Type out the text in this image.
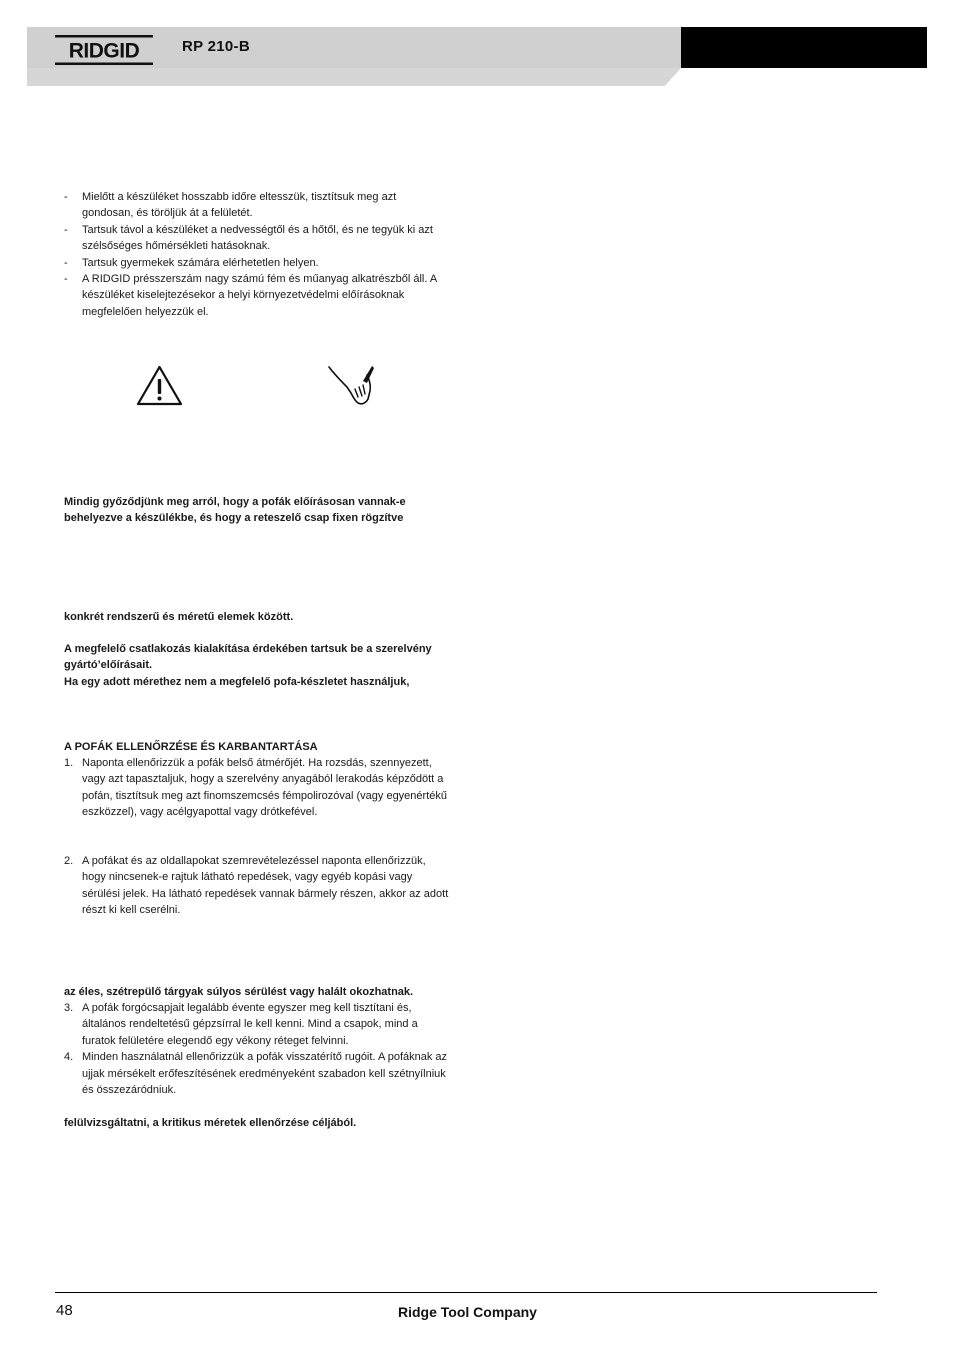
RIDGID	RP 210-B
- Mielőtt a készüléket hosszabb időre eltesszük, tisztítsuk meg azt gondosan, és töröljük át a felületét.
- Tartsuk távol a készüléket a nedvességtől és a hőtől, és ne tegyük ki azt szélsőséges hőmérsékleti hatásoknak.
- Tartsuk gyermekek számára elérhetetlen helyen.
- A RIDGID présszerszám nagy számú fém és műanyag alkatrészből áll. A készüléket kiselejtezésekor a helyi környezetvédelmi előírásoknak megfelelően helyezzük el.
Mindig győződjünk meg arról, hogy a pofák előírásosan vannak-e behelyezve a készülékbe, és hogy a reteszelő csap fixen rögzítve
konkrét rendszerű és méretű elemek között.
A megfelelő csatlakozás kialakítása érdekében tartsuk be a szerelvény gyártó’előírásait.
Ha egy adott mérethez nem a megfelelő pofa-készletet használjuk,
A POFÁK ELLENŐRZÉSE ÉS KARBANTARTÁSA
1. Naponta ellenőrizzük a pofák belső átmérőjét. Ha rozsdás, szennyezett, vagy azt tapasztaljuk, hogy a szerelvény anyagából lerakodás képződött a pofán, tisztítsuk meg azt finomszemcsés fémpolirozóval (vagy egyenértékű eszközzel), vagy acélgyapottal vagy drótkefével.
2. A pofákat és az oldallapokat szemrevételezéssel naponta ellenőrizzük, hogy nincsenek-e rajtuk látható repedések, vagy egyéb kopási vagy sérülési jelek. Ha látható repedések vannak bármely részen, akkor az adott részt ki kell cserélni.
az éles, szétrepülő tárgyak súlyos sérülést vagy halált okozhatnak.
3. A pofák forgócsapjait legalább évente egyszer meg kell tisztítani és, általános rendeltetésű gépzsírral le kell kenni. Mind a csapok, mind a furatok felületére elegendő egy vékony réteget felvinni.
4. Minden használatnál ellenőrizzük a pofák visszatérítő rugóit. A pofáknak az ujjak mérsékelt erőfeszítésének eredményeként szabadon kell szétnyílniuk és összezáródniuk.
felülvizsgáltatni, a kritikus méretek ellenőrzése céljából.
48	Ridge Tool Company
